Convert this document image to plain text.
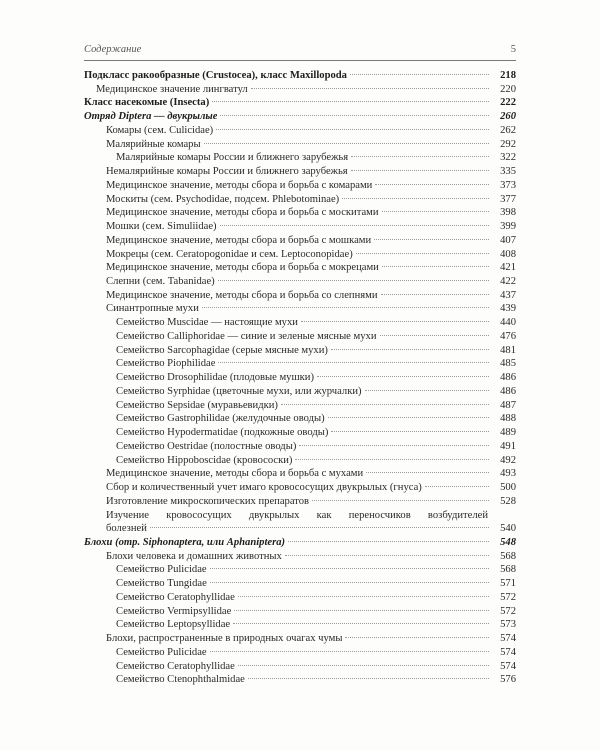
Содержание	5
Подкласс ракообразные (Crustocea), класс Maxillopoda	218
Медицинское значение лингватул	220
Класс насекомые (Insecta)	222
Отряд Diptera — двукрылые	260
Комары (сем. Culicidae)	262
Малярийные комары	292
Малярийные комары России и ближнего зарубежья	322
Немалярийные комары России и ближнего зарубежья	335
Медицинское значение, методы сбора и борьба с комарами	373
Москиты (сем. Psychodidae, подсем. Phlebotominae)	377
Медицинское значение, методы сбора и борьба с москитами	398
Мошки (сем. Simuliidae)	399
Медицинское значение, методы сбора и борьба с мошками	407
Мокрецы (сем. Ceratopogonidae и сем. Leptoconopidae)	408
Медицинское значение, методы сбора и борьба с мокрецами	421
Слепни (сем. Tabanidae)	422
Медицинское значение, методы сбора и борьба со слепнями	437
Синантропные мухи	439
Семейство Muscidae — настоящие мухи	440
Семейство Calliphoridae — синие и зеленые мясные мухи	476
Семейство Sarcophagidae (серые мясные мухи)	481
Семейство Piophilidae	485
Семейство Drosophilidae (плодовые мушки)	486
Семейство Syrphidae (цветочные мухи, или журчалки)	486
Семейство Sepsidae (муравьевидки)	487
Семейство Gastrophilidae (желудочные оводы)	488
Семейство Hypodermatidae (подкожные оводы)	489
Семейство Oestridae (полостные оводы)	491
Семейство Hippoboscidae (кровососки)	492
Медицинское значение, методы сбора и борьба с мухами	493
Сбор и количественный учет имаго кровососущих двукрылых (гнуса)	500
Изготовление микроскопических препаратов	528
Изучение кровососущих двукрылых как переносчиков возбудителей
болезней	540
Блохи (отр. Siphonaptera, или Aphaniptera)	548
Блохи человека и домашних животных	568
Семейство Pulicidae	568
Семейство Tungidae	571
Семейство Ceratophyllidae	572
Семейство Vermipsyllidae	572
Семейство Leptopsyllidae	573
Блохи, распространенные в природных очагах чумы	574
Семейство Pulicidae	574
Семейство Ceratophyllidae	574
Семейство Ctenophthalmidae	576
